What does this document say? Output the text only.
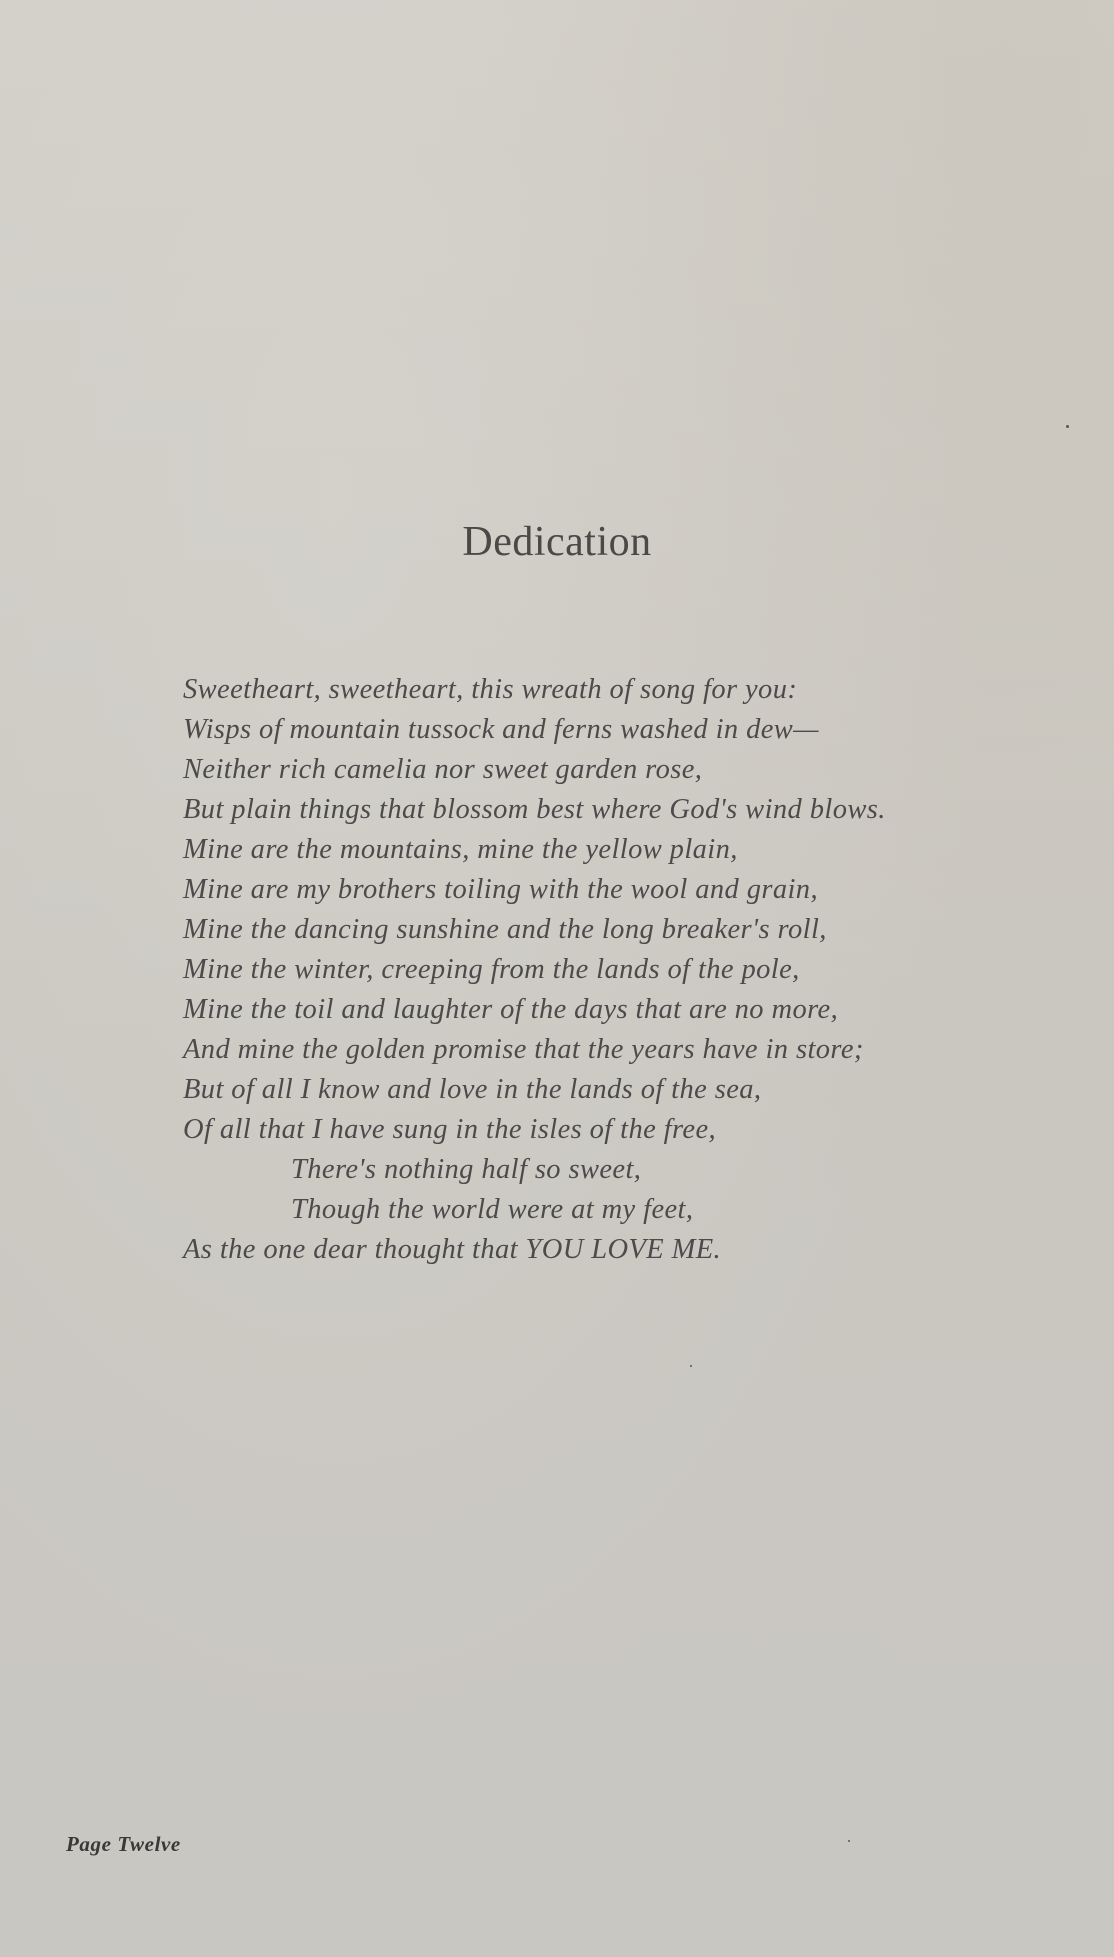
Dedication
Sweetheart, sweetheart, this wreath of song for you:
Wisps of mountain tussock and ferns washed in dew—
Neither rich camelia nor sweet garden rose,
But plain things that blossom best where God's wind blows.
Mine are the mountains, mine the yellow plain,
Mine are my brothers toiling with the wool and grain,
Mine the dancing sunshine and the long breaker's roll,
Mine the winter, creeping from the lands of the pole,
Mine the toil and laughter of the days that are no more,
And mine the golden promise that the years have in store;
But of all I know and love in the lands of the sea,
Of all that I have sung in the isles of the free,
There's nothing half so sweet,
Though the world were at my feet,
As the one dear thought that YOU LOVE ME.
Page Twelve
